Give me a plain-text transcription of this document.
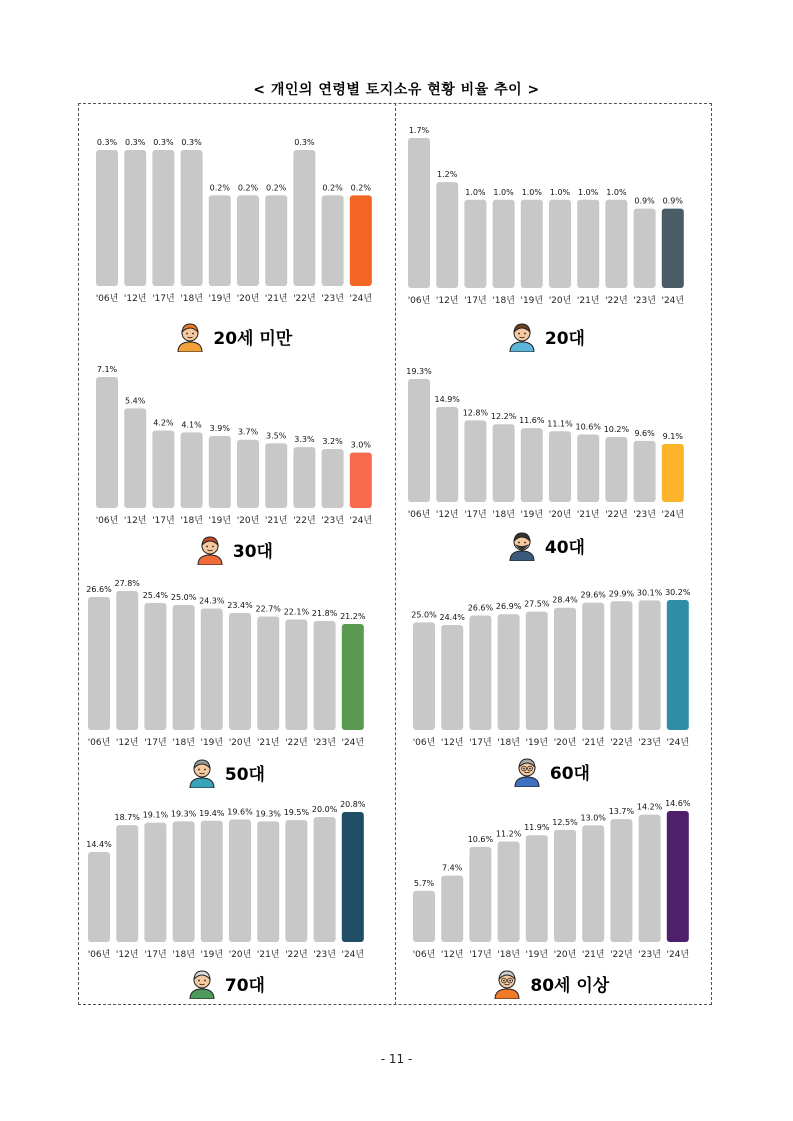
< 개인의 연령별 토지소유 현황 비율 추이 >
0.3%
'06년
0.3%
'12년
0.3%
'17년
0.3%
'18년
0.2%
'19년
0.2%
'20년
0.2%
'21년
0.3%
'22년
0.2%
'23년
0.2%
'24년
20세 미만
1.7%
'06년
1.2%
'12년
1.0%
'17년
1.0%
'18년
1.0%
'19년
1.0%
'20년
1.0%
'21년
1.0%
'22년
0.9%
'23년
0.9%
'24년
20대
7.1%
'06년
5.4%
'12년
4.2%
'17년
4.1%
'18년
3.9%
'19년
3.7%
'20년
3.5%
'21년
3.3%
'22년
3.2%
'23년
3.0%
'24년
30대
19.3%
'06년
14.9%
'12년
12.8%
'17년
12.2%
'18년
11.6%
'19년
11.1%
'20년
10.6%
'21년
10.2%
'22년
9.6%
'23년
9.1%
'24년
40대
26.6%
'06년
27.8%
'12년
25.4%
'17년
25.0%
'18년
24.3%
'19년
23.4%
'20년
22.7%
'21년
22.1%
'22년
21.8%
'23년
21.2%
'24년
50대
25.0%
'06년
24.4%
'12년
26.6%
'17년
26.9%
'18년
27.5%
'19년
28.4%
'20년
29.6%
'21년
29.9%
'22년
30.1%
'23년
30.2%
'24년
60대
14.4%
'06년
18.7%
'12년
19.1%
'17년
19.3%
'18년
19.4%
'19년
19.6%
'20년
19.3%
'21년
19.5%
'22년
20.0%
'23년
20.8%
'24년
70대
5.7%
'06년
7.4%
'12년
10.6%
'17년
11.2%
'18년
11.9%
'19년
12.5%
'20년
13.0%
'21년
13.7%
'22년
14.2%
'23년
14.6%
'24년
80세 이상
- 11 -
